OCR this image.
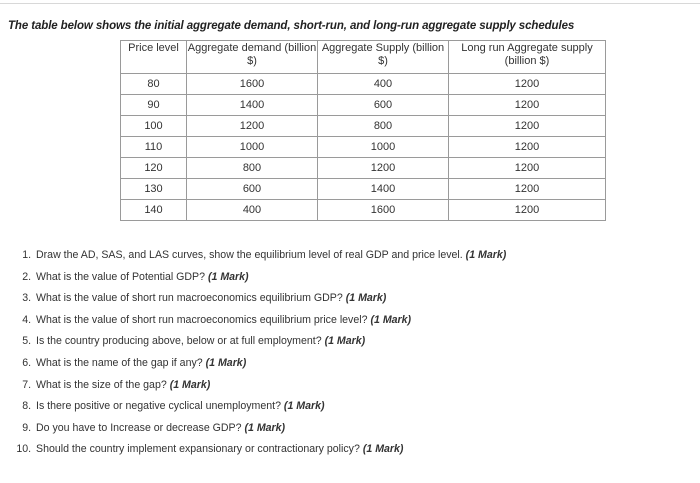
The table below shows the initial aggregate demand, short-run, and long-run aggregate supply schedules
Price level	Aggregate demand (billion $)	Aggregate Supply (billion $)	Long run Aggregate supply (billion $)
80	1600	400	1200
90	1400	600	1200
100	1200	800	1200
110	1000	1000	1200
120	800	1200	1200
130	600	1400	1200
140	400	1600	1200
1. Draw the AD, SAS, and LAS curves, show the equilibrium level of real GDP and price level. (1 Mark)
2. What is the value of Potential GDP? (1 Mark)
3. What is the value of short run macroeconomics equilibrium GDP? (1 Mark)
4. What is the value of short run macroeconomics equilibrium price level? (1 Mark)
5. Is the country producing above, below or at full employment? (1 Mark)
6. What is the name of the gap if any? (1 Mark)
7. What is the size of the gap? (1 Mark)
8. Is there positive or negative cyclical unemployment? (1 Mark)
9. Do you have to Increase or decrease GDP? (1 Mark)
10. Should the country implement expansionary or contractionary policy? (1 Mark)
